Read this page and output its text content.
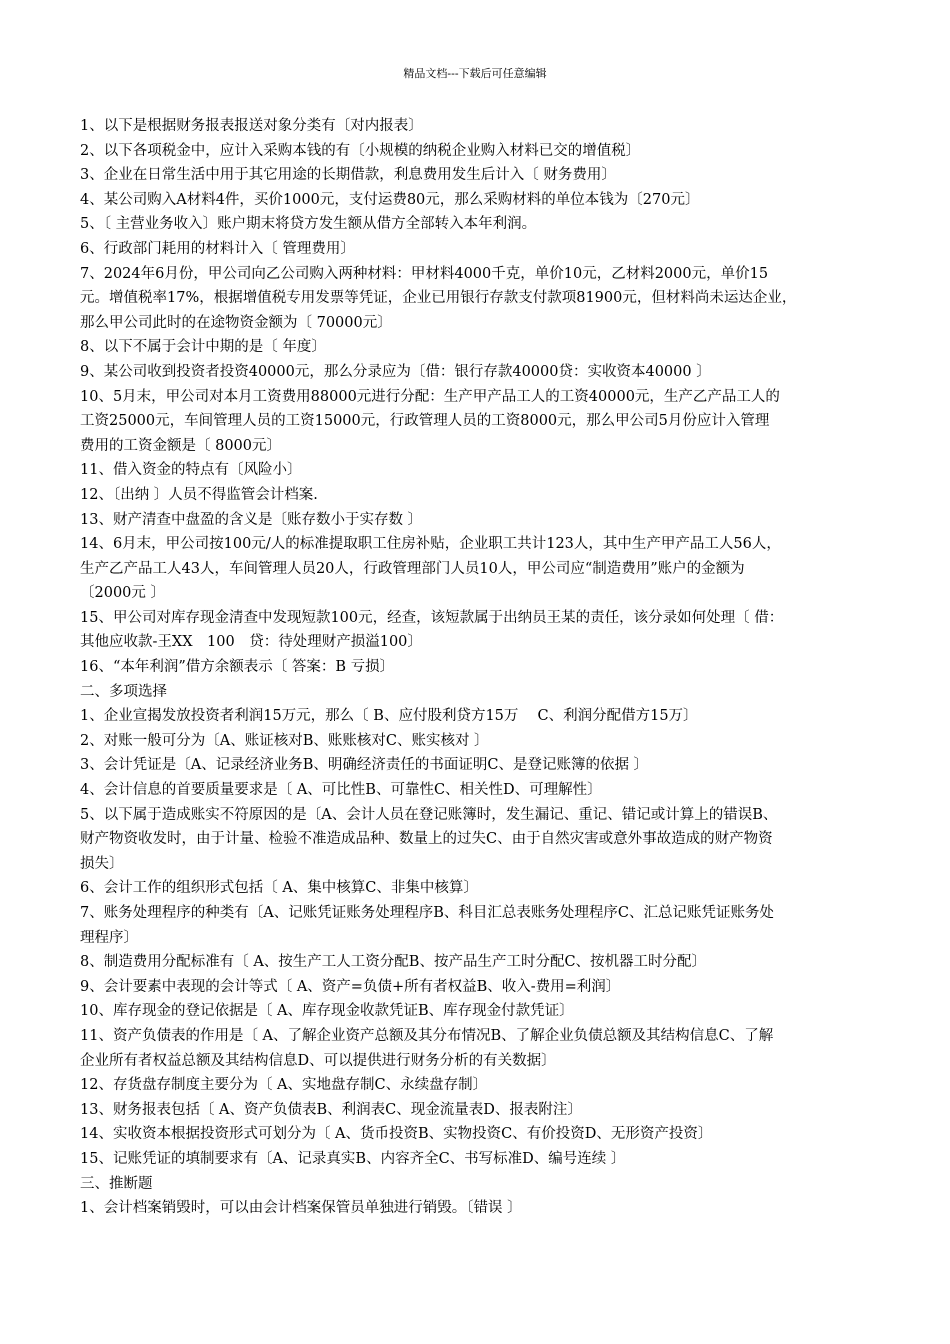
精品文档---下载后可任意编辑
1、以下是根据财务报表报送对象分类有〔对内报表〕
2、以下各项税金中，应计入采购本钱的有〔小规模的纳税企业购入材料已交的增值税〕
3、企业在日常生活中用于其它用途的长期借款，利息费用发生后计入〔 财务费用〕
4、某公司购入A材料4件，买价1000元，支付运费80元，那么采购材料的单位本钱为〔270元〕
5、〔 主营业务收入〕账户期末将贷方发生额从借方全部转入本年利润。
6、行政部门耗用的材料计入〔 管理费用〕
7、2024年6月份，甲公司向乙公司购入两种材料：甲材料4000千克，单价10元，乙材料2000元，单价15
元。增值税率17%，根据增值税专用发票等凭证，企业已用银行存款支付款项81900元，但材料尚未运达企业，
那么甲公司此时的在途物资金额为〔 70000元〕
8、以下不属于会计中期的是〔 年度〕
9、某公司收到投资者投资40000元，那么分录应为〔借：银行存款40000贷：实收资本40000 〕
10、5月末，甲公司对本月工资费用88000元进行分配：生产甲产品工人的工资40000元，生产乙产品工人的
工资25000元，车间管理人员的工资15000元，行政管理人员的工资8000元，那么甲公司5月份应计入管理
费用的工资金额是〔 8000元〕
11、借入资金的特点有〔风险小〕
12、〔出纳 〕人员不得监管会计档案.
13、财产清查中盘盈的含义是〔账存数小于实存数 〕
14、6月末，甲公司按100元/人的标准提取职工住房补贴，企业职工共计123人，其中生产甲产品工人56人，
生产乙产品工人43人，车间管理人员20人，行政管理部门人员10人，甲公司应“制造费用”账户的金额为
〔2000元 〕
15、甲公司对库存现金清查中发现短款100元，经查，该短款属于出纳员王某的责任，该分录如何处理〔 借：
其他应收款-王XX　100　贷：待处理财产损溢100〕
16、“本年利润”借方余额表示〔 答案：B 亏损〕
二、多项选择
1、企业宣揭发放投资者利润15万元，那么〔 B、应付股利贷方15万　 C、利润分配借方15万〕
2、对账一般可分为〔A、账证核对B、账账核对C、账实核对 〕
3、会计凭证是〔A、记录经济业务B、明确经济责任的书面证明C、是登记账簿的依据 〕
4、会计信息的首要质量要求是〔 A、可比性B、可靠性C、相关性D、可理解性〕
5、以下属于造成账实不符原因的是〔A、会计人员在登记账簿时，发生漏记、重记、错记或计算上的错误B、
财产物资收发时，由于计量、检验不准造成品种、数量上的过失C、由于自然灾害或意外事故造成的财产物资
损失〕
6、会计工作的组织形式包括〔 A、集中核算C、非集中核算〕
7、账务处理程序的种类有〔A、记账凭证账务处理程序B、科目汇总表账务处理程序C、汇总记账凭证账务处
理程序〕
8、制造费用分配标准有〔 A、按生产工人工资分配B、按产品生产工时分配C、按机器工时分配〕
9、会计要素中表现的会计等式〔 A、资产=负债+所有者权益B、收入-费用=利润〕
10、库存现金的登记依据是〔 A、库存现金收款凭证B、库存现金付款凭证〕
11、资产负债表的作用是〔 A、了解企业资产总额及其分布情况B、了解企业负债总额及其结构信息C、了解
企业所有者权益总额及其结构信息D、可以提供进行财务分析的有关数据〕
12、存货盘存制度主要分为〔 A、实地盘存制C、永续盘存制〕
13、财务报表包括〔 A、资产负债表B、利润表C、现金流量表D、报表附注〕
14、实收资本根据投资形式可划分为〔 A、货币投资B、实物投资C、有价投资D、无形资产投资〕
15、记账凭证的填制要求有〔A、记录真实B、内容齐全C、书写标准D、编号连续 〕
三、推断题
1、会计档案销毁时，可以由会计档案保管员单独进行销毁。〔错误 〕
